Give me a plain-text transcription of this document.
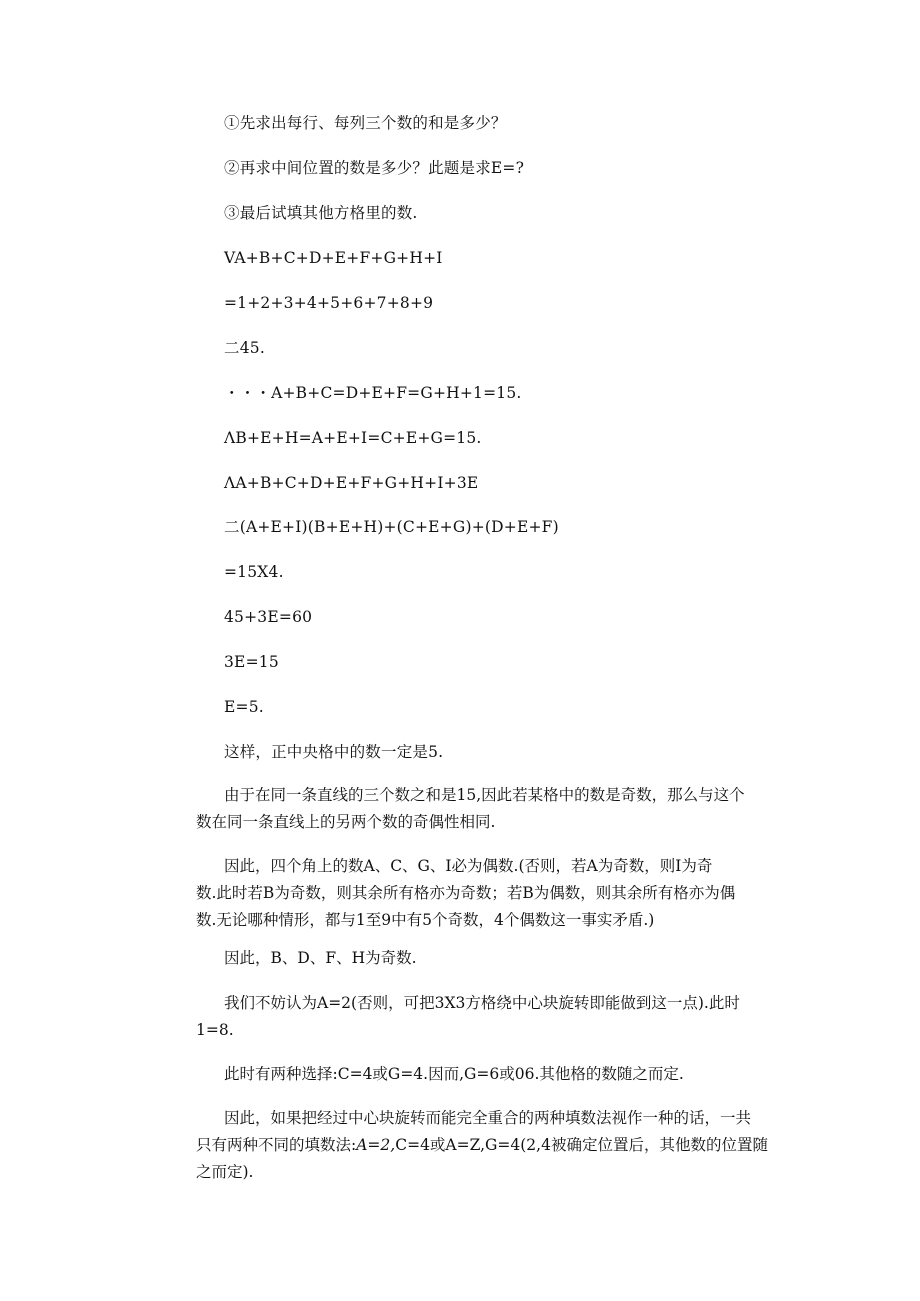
①先求出每行、每列三个数的和是多少？
②再求中间位置的数是多少？此题是求E=?
③最后试填其他方格里的数.
VA+B+C+D+E+F+G+H+I
=1+2+3+4+5+6+7+8+9
二45.
・・・A+B+C=D+E+F=G+H+1=15.
ΛB+E+H=A+E+I=C+E+G=15.
ΛA+B+C+D+E+F+G+H+I+3E
二(A+E+I)(B+E+H)+(C+E+G)+(D+E+F)
=15X4.
45+3E=60
3E=15
E=5.
这样，正中央格中的数一定是5.
由于在同一条直线的三个数之和是15,因此若某格中的数是奇数，那么与这个
数在同一条直线上的另两个数的奇偶性相同.
因此，四个角上的数A、C、G、I必为偶数.(否则，若A为奇数，则I为奇
数.此时若B为奇数，则其余所有格亦为奇数；若B为偶数，则其余所有格亦为偶
数.无论哪种情形，都与1至9中有5个奇数，4个偶数这一事实矛盾.)
因此，B、D、F、H为奇数.
我们不妨认为A=2(否则，可把3X3方格绕中心块旋转即能做到这一点).此时
1=8.
此时有两种选择:C=4或G=4.因而,G=6或06.其他格的数随之而定.
因此，如果把经过中心块旋转而能完全重合的两种填数法视作一种的话，一共
只有两种不同的填数法:A=2,C=4或A=Z,G=4(2,4被确定位置后，其他数的位置随
之而定).
